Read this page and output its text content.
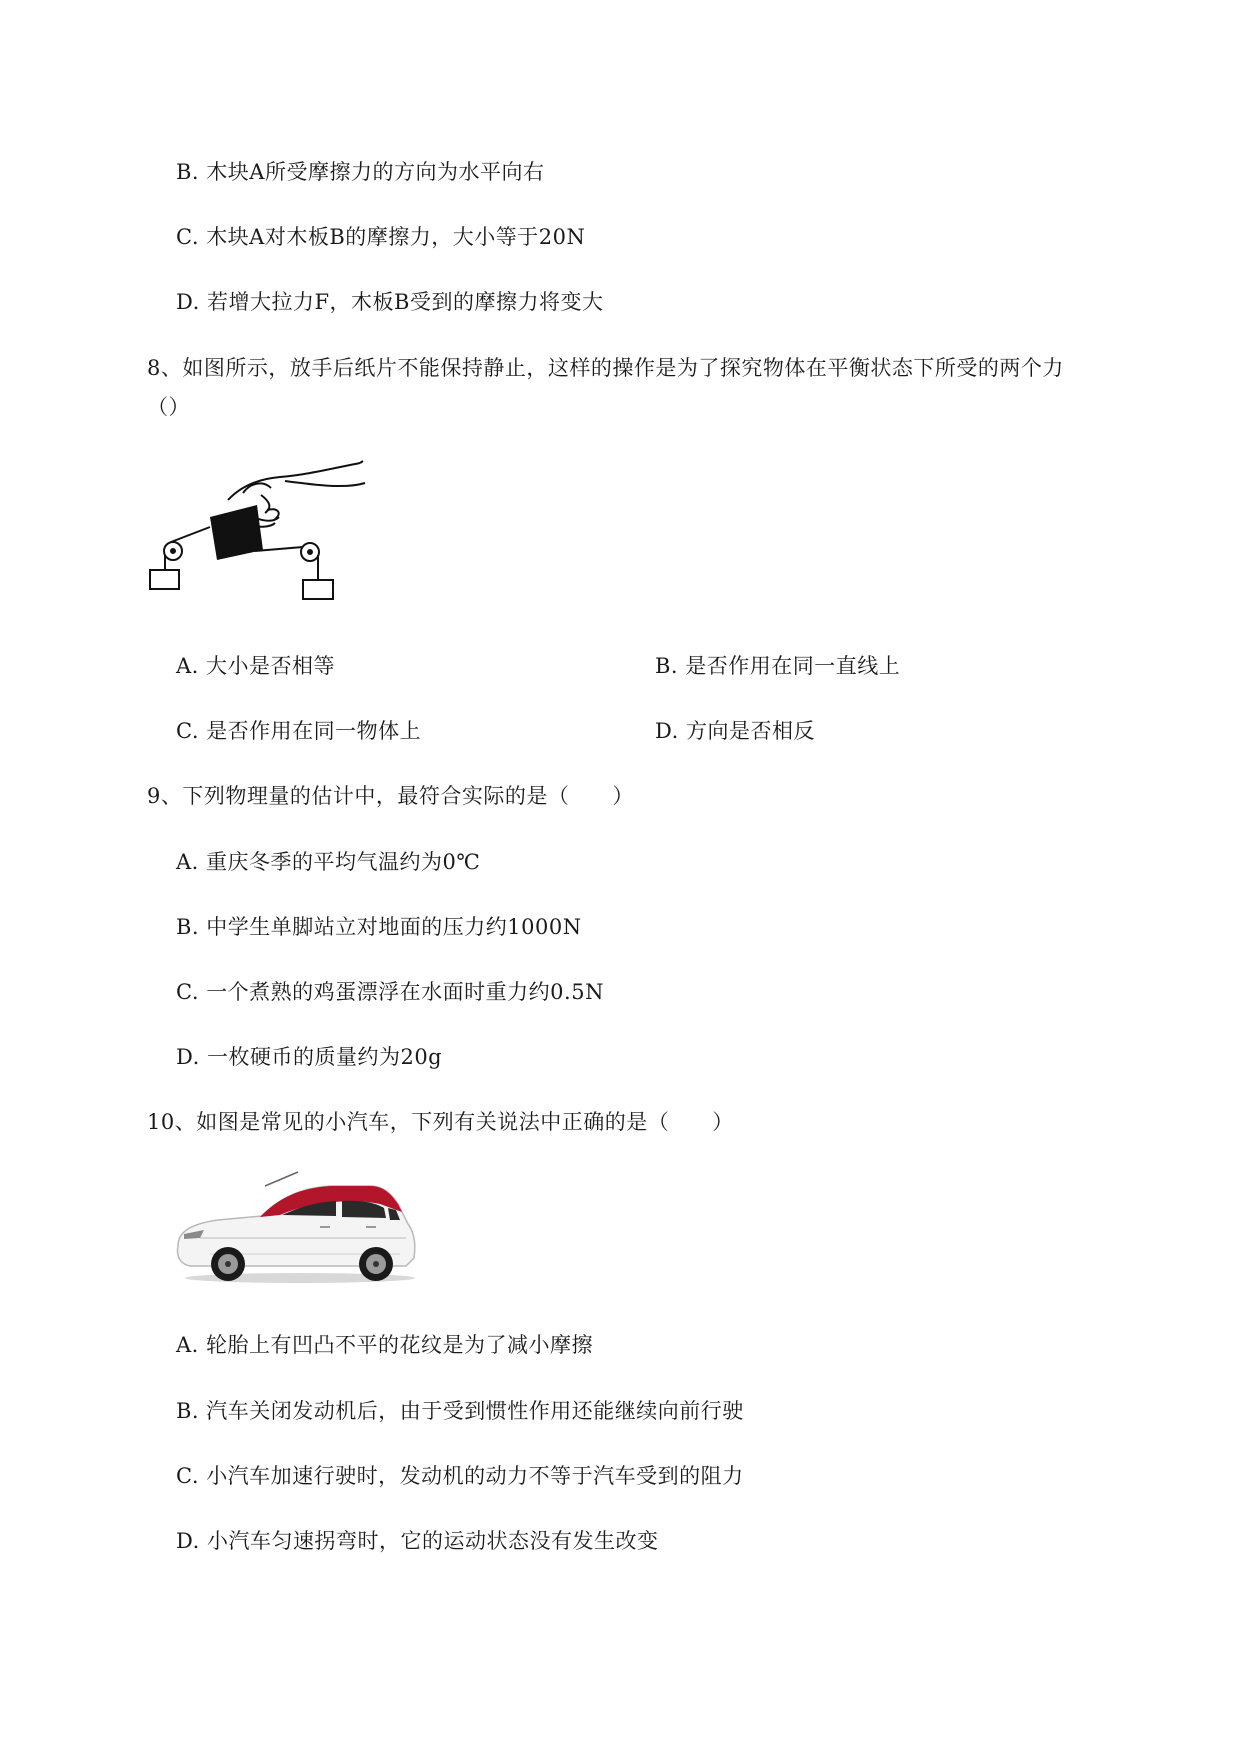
B. 木块A所受摩擦力的方向为水平向右
C. 木块A对木板B的摩擦力，大小等于20N
D. 若增大拉力F，木板B受到的摩擦力将变大
8、如图所示，放手后纸片不能保持静止，这样的操作是为了探究物体在平衡状态下所受的两个力
（）
A. 大小是否相等	B. 是否作用在同一直线上
C. 是否作用在同一物体上	D. 方向是否相反
9、下列物理量的估计中，最符合实际的是（　　）
A. 重庆冬季的平均气温约为0℃
B. 中学生单脚站立对地面的压力约1000N
C. 一个煮熟的鸡蛋漂浮在水面时重力约0.5N
D. 一枚硬币的质量约为20g
10、如图是常见的小汽车，下列有关说法中正确的是（　　）
A. 轮胎上有凹凸不平的花纹是为了减小摩擦
B. 汽车关闭发动机后，由于受到惯性作用还能继续向前行驶
C. 小汽车加速行驶时，发动机的动力不等于汽车受到的阻力
D. 小汽车匀速拐弯时，它的运动状态没有发生改变
